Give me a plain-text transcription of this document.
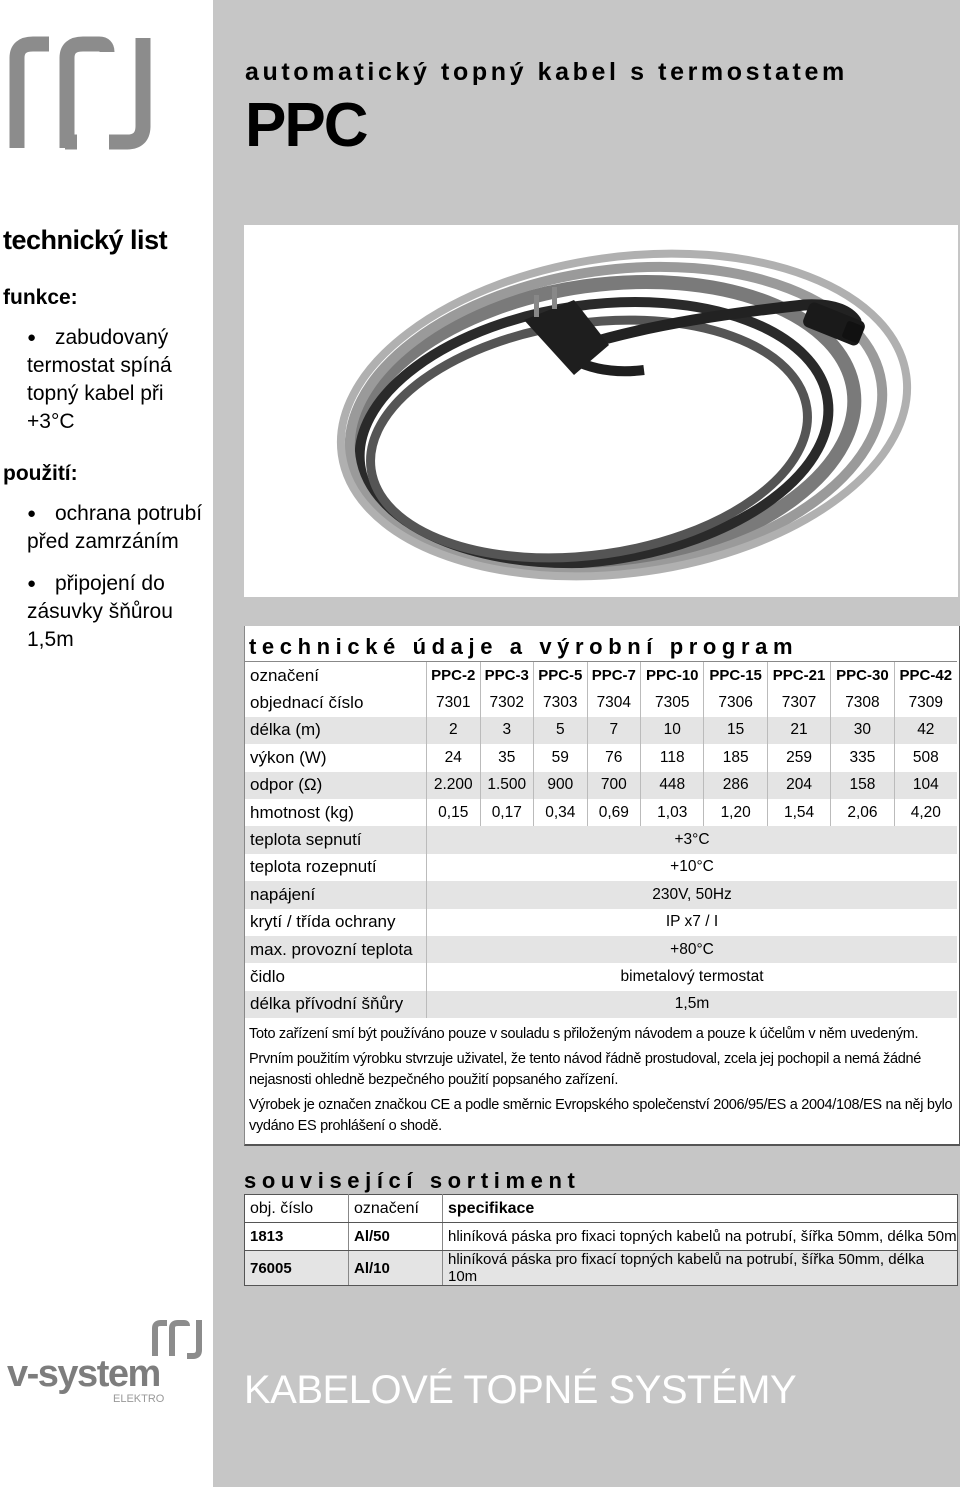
automatický topný kabel s termostatem
PPC
technický list
funkce:
● zabudovaný termostat spíná topný kabel při +3°C
použití:
● ochrana potrubí před zamrzáním
● připojení do zásuvky šňůrou 1,5m	technické údaje a výrobní program
označení	PPC-2	PPC-3	PPC-5	PPC-7	PPC-10	PPC-15	PPC-21	PPC-30	PPC-42
objednací číslo	7301	7302	7303	7304	7305	7306	7307	7308	7309
délka (m)	2	3	5	7	10	15	21	30	42
výkon (W)	24	35	59	76	118	185	259	335	508
odpor (Ω)	2.200	1.500	900	700	448	286	204	158	104
hmotnost (kg)	0,15	0,17	0,34	0,69	1,03	1,20	1,54	2,06	4,20
teplota sepnutí	+3°C								
teplota rozepnutí	+10°C								
napájení	230V, 50Hz								
krytí / třída ochrany	IP x7 / I								
max. provozní teplota	+80°C								
čidlo	bimetalový termostat								
délka přívodní šňůry	1,5m								

Toto zařízení smí být používáno pouze v souladu s přiloženým návodem a pouze k účelům v něm uvedeným.

Prvním použitím výrobku stvrzuje uživatel, že tento návod řádně prostudoval, zcela jej pochopil a nemá žádné nejasnosti ohledně bezpečného použití popsaného zařízení.

Výrobek je označen značkou CE a podle směrnic Evropského společenství 2006/95/ES a 2004/108/ES na něj bylo vydáno ES prohlášení o shodě.

související sortiment
obj. číslo	označení	specifikace
1813	Al/50	hliníková páska pro fixaci topných kabelů na potrubí, šířka 50mm, délka 50m
76005	Al/10	hliníková páska pro fixací topných kabelů na potrubí, šířka 50mm, délka 10m
v-system
ELEKTRO KABELOVÉ TOPNÉ SYSTÉMY
